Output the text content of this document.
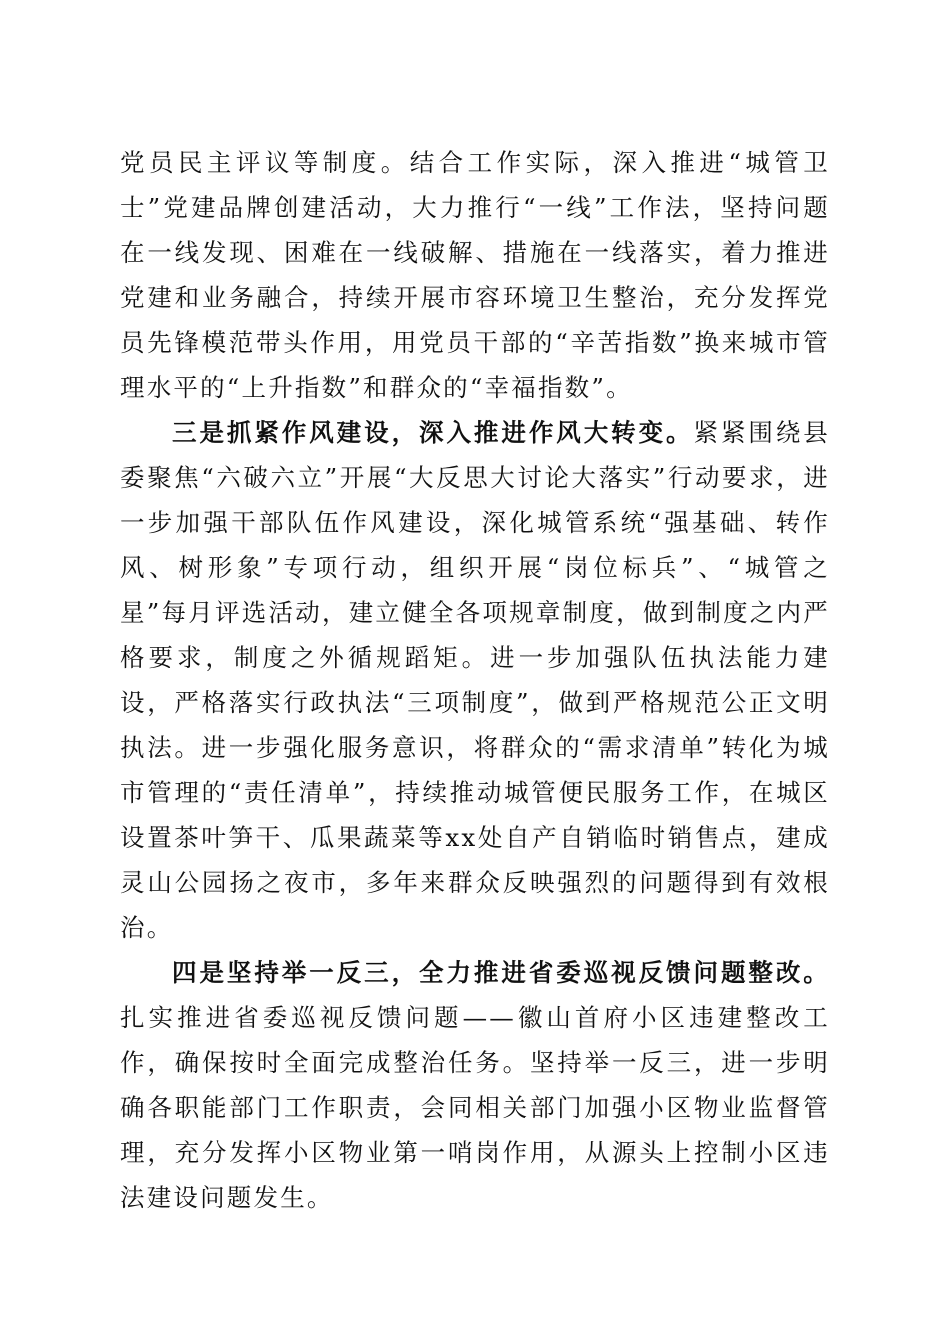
党员民主评议等制度。结合工作实际，深入推进“城管卫士”党建品牌创建活动，大力推行“一线”工作法，坚持问题在一线发现、困难在一线破解、措施在一线落实，着力推进党建和业务融合，持续开展市容环境卫生整治，充分发挥党员先锋模范带头作用，用党员干部的“辛苦指数”换来城市管理水平的“上升指数”和群众的“幸福指数”。

三是抓紧作风建设，深入推进作风大转变。紧紧围绕县委聚焦“六破六立”开展“大反思大讨论大落实”行动要求，进一步加强干部队伍作风建设，深化城管系统“强基础、转作风、树形象”专项行动，组织开展“岗位标兵”、“城管之星”每月评选活动，建立健全各项规章制度，做到制度之内严格要求，制度之外循规蹈矩。进一步加强队伍执法能力建设，严格落实行政执法“三项制度”，做到严格规范公正文明执法。进一步强化服务意识，将群众的“需求清单”转化为城市管理的“责任清单”，持续推动城管便民服务工作，在城区设置茶叶笋干、瓜果蔬菜等xx处自产自销临时销售点，建成灵山公园扬之夜市，多年来群众反映强烈的问题得到有效根治。

四是坚持举一反三，全力推进省委巡视反馈问题整改。扎实推进省委巡视反馈问题——徽山首府小区违建整改工作，确保按时全面完成整治任务。坚持举一反三，进一步明确各职能部门工作职责，会同相关部门加强小区物业监督管理，充分发挥小区物业第一哨岗作用，从源头上控制小区违法建设问题发生。
